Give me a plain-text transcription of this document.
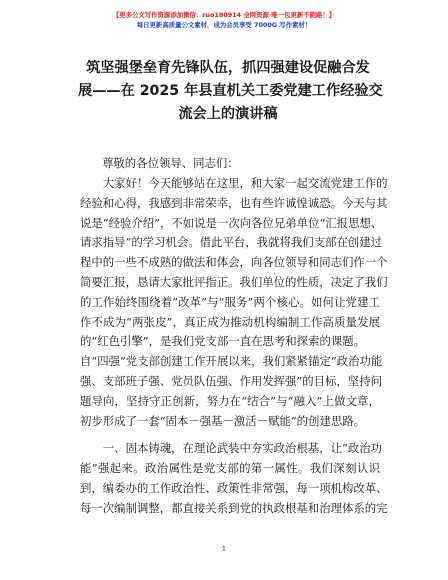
【更多公文写作资源添加微信：ruo180914 全网资源·唯一包更新不跑路！】
每日更新高质量公文素材，成为会员享受 7000G 写作素材！
筑坚强堡垒育先锋队伍，抓四强建设促融合发
展——在 2025 年县直机关工委党建工作经验交
流会上的演讲稿
尊敬的各位领导、同志们：
　　大家好！今天能够站在这里，和大家一起交流党建工作的
经验和心得，我感到非常荣幸，也有些许诚惶诚恐。今天与其
说是“经验介绍”，不如说是一次向各位兄弟单位“汇报思想、
请求指导”的学习机会。借此平台，我就将我们支部在创建过
程中的一些不成熟的做法和体会，向各位领导和同志们作一个
简要汇报，恳请大家批评指正。我们单位的性质，决定了我们
的工作始终围绕着“改革”与“服务”两个核心。如何让党建工
作不成为“两张皮”，真正成为推动机构编制工作高质量发展
的“红色引擎”，是我们党支部一直在思考和探索的课题。
自“四强”党支部创建工作开展以来，我们紧紧锚定“政治功能
强、支部班子强、党员队伍强、作用发挥强”的目标，坚持问
题导向，坚持守正创新，努力在“结合”与“融入”上做文章，
初步形成了一套“固本－强基－激活－赋能”的创建思路。
　　一、固本铸魂，在理论武装中夯实政治根基，让“政治功
能”强起来。政治属性是党支部的第一属性。我们深刻认识
到，编委办的工作政治性、政策性非常强，每一项机构改革、
每一次编制调整，都直接关系到党的执政根基和治理体系的完
1
